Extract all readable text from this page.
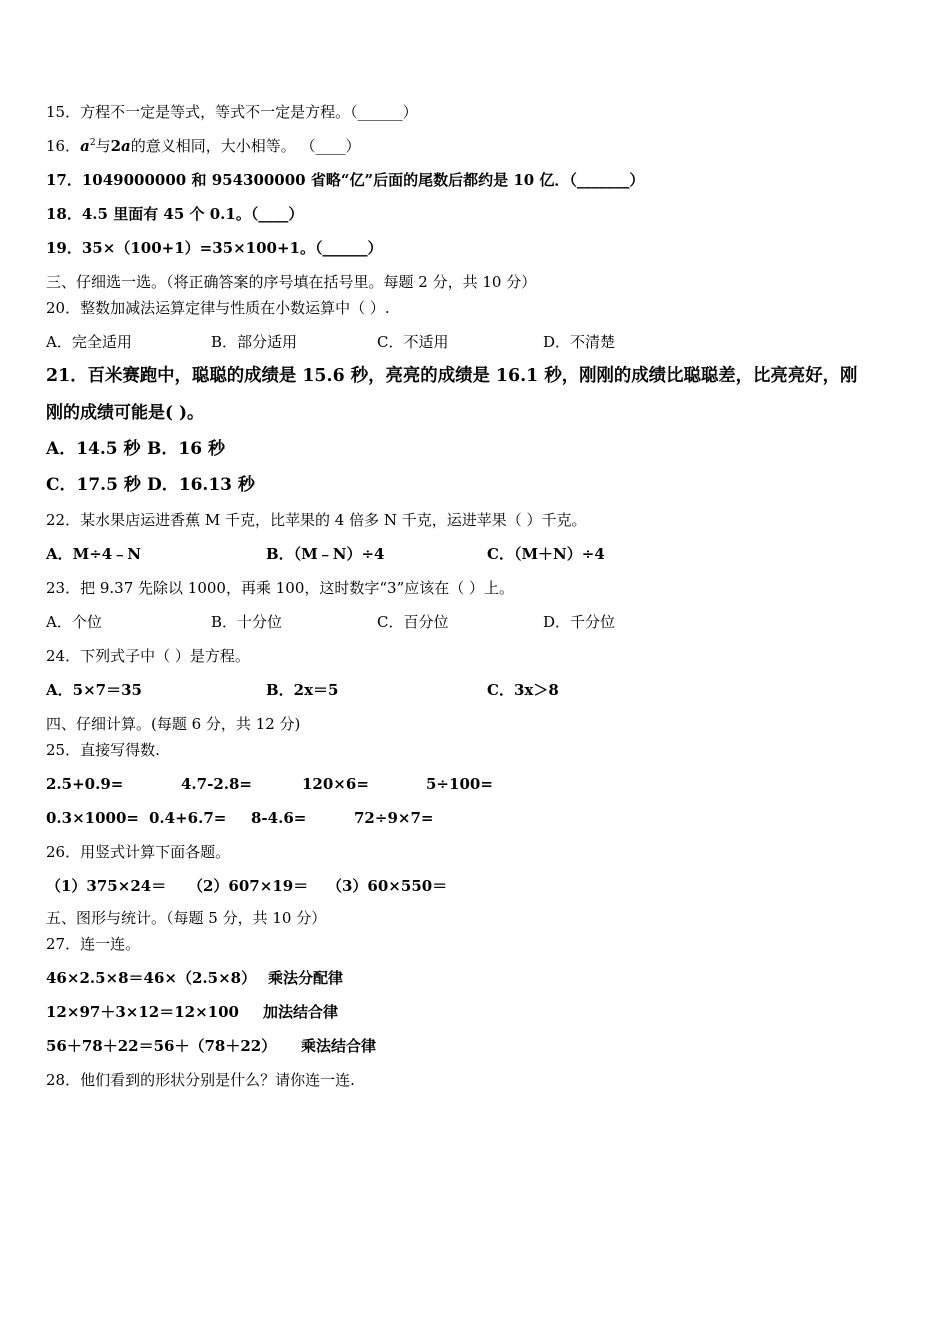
15．方程不一定是等式，等式不一定是方程。（______）
16．$a^2$与2a的意义相同，大小相等。 （____）
17．1049000000 和 954300000 省略“亿”后面的尾数后都约是 10 亿．（_______）
18．4.5 里面有 45 个 0.1。（____）
19．35×（100+1）=35×100+1。（______）
三、仔细选一选。（将正确答案的序号填在括号里。每题 2 分，共 10 分）
20．整数加减法运算定律与性质在小数运算中（ ）.
A．完全适用	B．部分适用	C．不适用	D．不清楚
21．百米赛跑中，聪聪的成绩是 15.6 秒，亮亮的成绩是 16.1 秒，刚刚的成绩比聪聪差，比亮亮好，刚
刚的成绩可能是( )。
A．14.5 秒 B．16 秒
C．17.5 秒 D．16.13 秒
22．某水果店运进香蕉 M 千克，比苹果的 4 倍多 N 千克，运进苹果（ ）千克。
A．M÷4﹣N	B．（M﹣N）÷4	C．（M＋N）÷4
23．把 9.37 先除以 1000，再乘 100，这时数字“3”应该在（ ）上。
A．个位	B．十分位	C．百分位	D．千分位
24．下列式子中（ ）是方程。
A．5×7＝35	B．2x＝5	C．3x＞8
四、仔细计算。(每题 6 分，共 12 分)
25．直接写得数.
2.5+0.9=	4.7-2.8=	120×6=	5÷100=
0.3×1000= 0.4+6.7= 8-4.6=	72÷9×7=
26．用竖式计算下面各题。
（1）375×24＝ （2）607×19＝ （3）60×550＝
五、图形与统计。（每题 5 分，共 10 分）
27．连一连。
46×2.5×8＝46×（2.5×8） 乘法分配律
12×97＋3×12＝12×100 加法结合律
56＋78＋22＝56＋（78＋22） 乘法结合律
28．他们看到的形状分别是什么？请你连一连.
